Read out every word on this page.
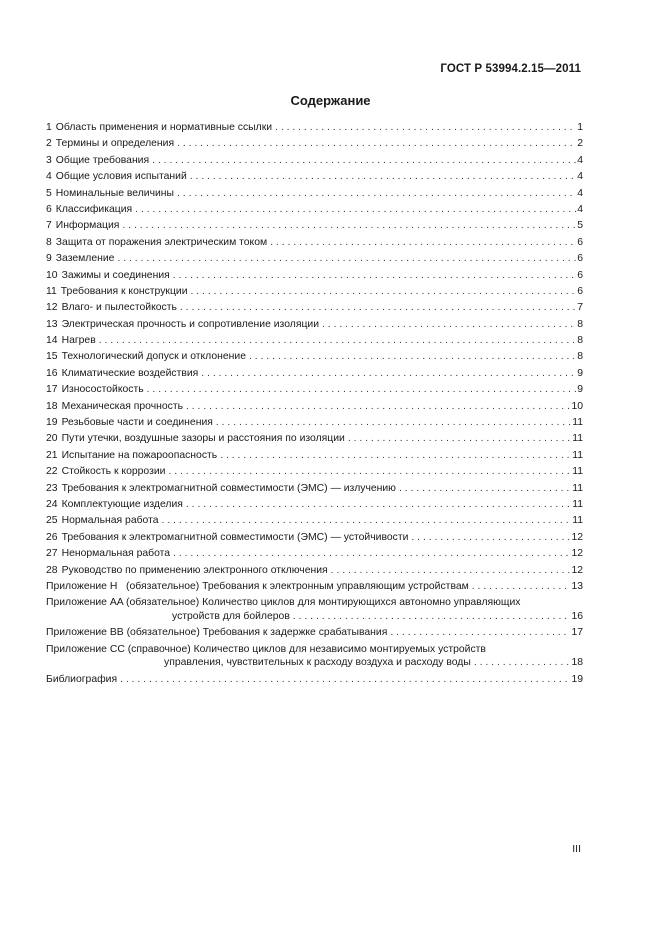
ГОСТ Р 53994.2.15—2011
Содержание
1 Область применения и нормативные ссылки . . .	1
2 Термины и определения . . .	2
3 Общие требования . . .	4
4 Общие условия испытаний . . .	4
5 Номинальные величины . . .	4
6 Классификация . . .	4
7 Информация . . .	5
8 Защита от поражения электрическим током . . .	6
9 Заземление . . .	6
10 Зажимы и соединения . . .	6
11 Требования к конструкции . . .	6
12 Влаго- и пылестойкость . . .	7
13 Электрическая прочность и сопротивление изоляции . . .	8
14 Нагрев . . .	8
15 Технологический допуск и отклонение . . .	8
16 Климатические воздействия . . .	9
17 Износостойкость . . .	9
18 Механическая прочность . . .	10
19 Резьбовые части и соединения . . .	11
20 Пути утечки, воздушные зазоры и расстояния по изоляции . . .	11
21 Испытание на пожароопасность . . .	11
22 Стойкость к коррозии . . .	11
23 Требования к электромагнитной совместимости (ЭМС) — излучению . . .	11
24 Комплектующие изделия . . .	11
25 Нормальная работа . . .	11
26 Требования к электромагнитной совместимости (ЭМС) — устойчивости . . .	12
27 Ненормальная работа . . .	12
28 Руководство по применению электронного отключения . . .	12
Приложение H   (обязательное) Требования к электронным управляющим устройствам . . .	13
Приложение AA (обязательное) Количество циклов для монтирующихся автономно управляющих
устройств для бойлеров . . .	16
Приложение BB (обязательное) Требования к задержке срабатывания . . .	17
Приложение CC (справочное) Количество циклов для независимо монтируемых устройств
управления, чувствительных к расходу воздуха и расходу воды . . .	18
Библиография . . .	19
III
